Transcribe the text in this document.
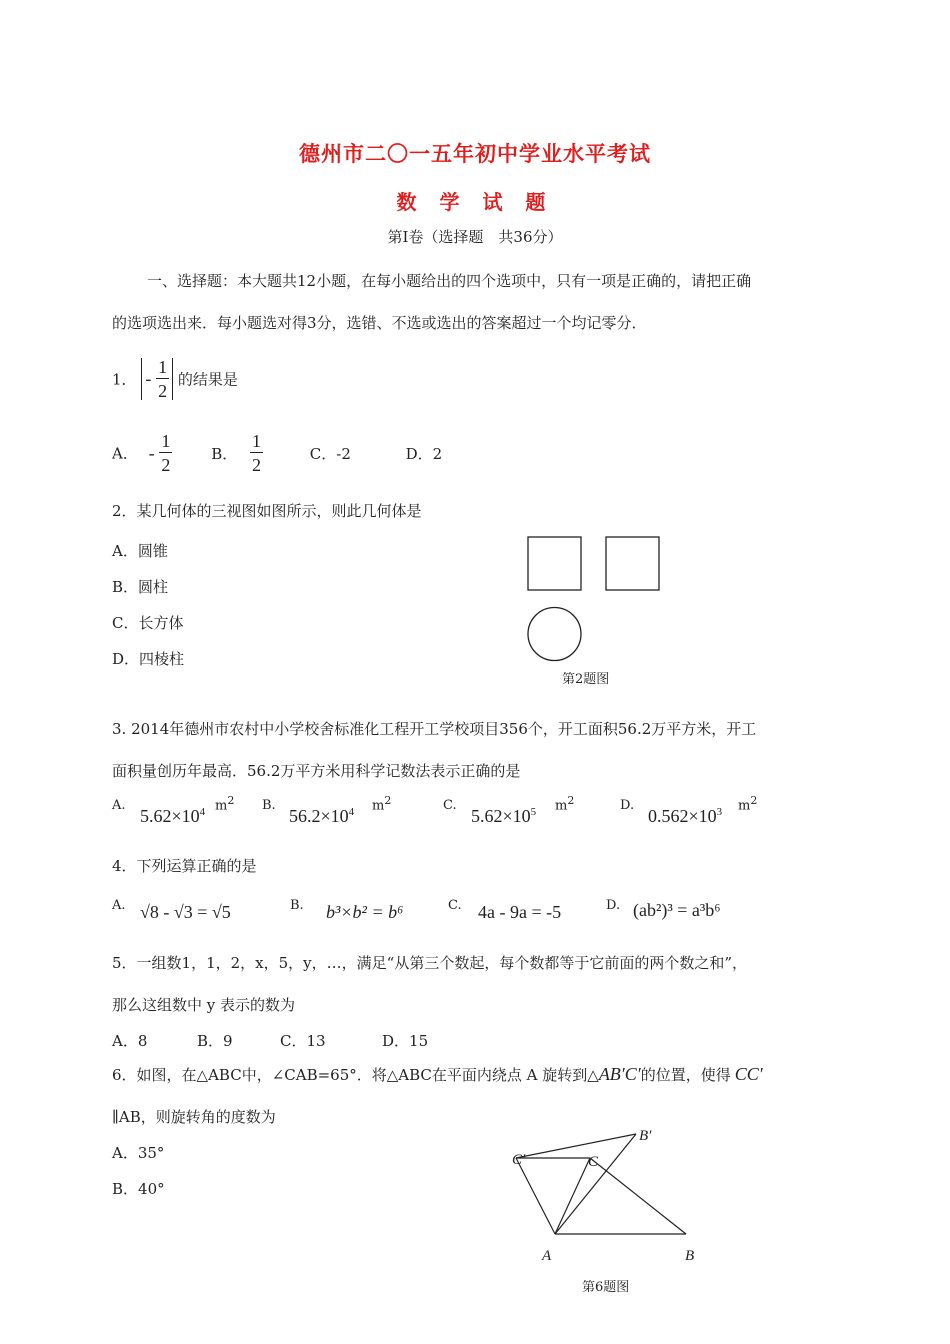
德州市二〇一五年初中学业水平考试
数 学 试 题
第Ⅰ卷（选择题　共36分）
一、选择题：本大题共12小题，在每小题给出的四个选项中，只有一项是正确的，请把正确
的选项选出来．每小题选对得3分，选错、不选或选出的答案超过一个均记零分．
1． - $\frac{1}{2}$ 的结果是
A． - $\frac{1}{2}$	B． $\frac{1}{2}$	C．-2	D．2
2．某几何体的三视图如图所示，则此几何体是
A．圆锥
B．圆柱
C．长方体
D．四棱柱
第2题图
3. 2014年德州市农村中小学校舍标准化工程开工学校项目356个，开工面积56.2万平方米，开工
面积量创历年最高．56.2万平方米用科学记数法表示正确的是
A.
$5.62\times 10^4$ $m^2$ B.
$56.2\times 10^4$ $m^2$	C.
$5.62\times 10^5$ $m^2$	D.
$0.562\times 10^3$ $m^2$
4．下列运算正确的是
A. √8 - √3 = √5	B. b³×b² = b⁶	C. 4a - 9a = -5	D. (ab²)³ = a³b⁶
5．一组数1，1，2，x，5，y，…，满足“从第三个数起，每个数都等于它前面的两个数之和”，
那么这组数中 y 表示的数为
A．8	B．9	C．13	D．15
6．如图，在△ABC中，∠CAB=65°．将△ABC在平面内绕点 A 旋转到△AB′C′的位置，使得 CC′
∥AB，则旋转角的度数为
A．35°
B．40°
C′	C
B′
A	B
第6题图
